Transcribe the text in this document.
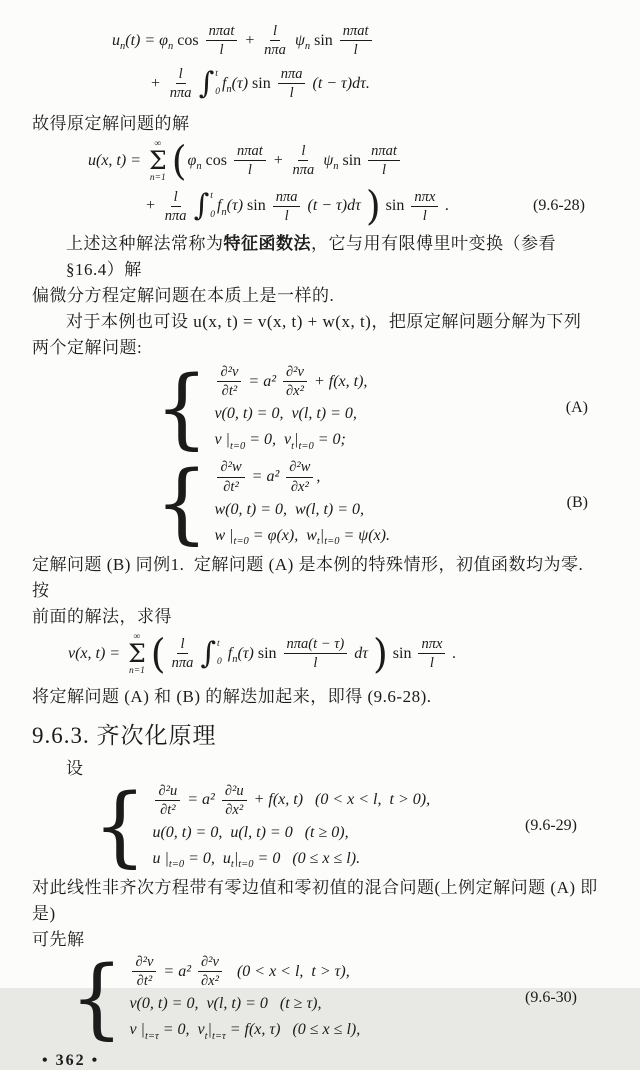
u n (t) = φ n $\cos \frac{\text{nπat}}{l} + \frac{l}{\text{nπa}}$ ψ n $\sin \frac{\text{nπat}}{l}$
+ $\frac{l}{\text{nπa}}$ ∫ t
0
f n (τ) $\sin \frac{\text{nπa}}{l} (t - \tau)d\tau$.
故得原定解问题的解
u(x, t) =
∞
Σ
n=1 ( φ n $\cos \frac{\text{nπat}}{l} + \frac{l}{\text{nπa}}$ ψ n $\sin \frac{\text{nπat}}{l}$
+ $\frac{l}{\text{nπa}}$ ∫ t
0
f n (τ) $\sin \frac{\text{nπa}}{l} (t - \tau)d\tau$ ) $\sin \frac{\text{nπx}}{l}$ .	(9.6-28)
上述这种解法常称为特征函数法，它与用有限傅里叶变换（参看 §16.4）解
偏微分方程定解问题在本质上是一样的.
对于本例也可设 u(x, t) = v(x, t) + w(x, t)，把原定解问题分解为下列
两个定解问题:
{ $\frac{\text{∂²v}}{\text{∂t²}} = a^2 \frac{\text{∂²v}}{\text{∂x²}} + f(x$, t),
v(0, t) = 0,  v(l, t) = 0,
v | t=0 = 0,  v t | t=0 = 0;
(A)
{ $\frac{\text{∂²w}}{\text{∂t²}} = a^2 \frac{\text{∂²w}}{\text{∂x²}}$ ,
w(0, t) = 0,  w(l, t) = 0,
w | t=0 = φ(x),  w t | t=0 = ψ(x).
(B)
定解问题 (B) 同例1.  定解问题 (A) 是本例的特殊情形，初值函数均为零.  按
前面的解法，求得
v(x, t) =
∞
Σ
n=1 ( $\frac{l}{\text{nπa}}$ ∫ t
0
f n (τ) $\sin \frac{\text{nπa(t − τ)}}{l}$ dτ ) $\sin \frac{\text{nπx}}{l}$ .
将定解问题 (A) 和 (B) 的解迭加起来，即得 (9.6-28).
9.6.3. 齐次化原理
设
{ $\frac{\text{∂²u}}{\text{∂t²}} = a^2 \frac{\text{∂²u}}{\text{∂x²}} + f(x$, t)   (0 < x < l,  t > 0),
u(0, t) = 0,  u(l, t) = 0   (t ≥ 0),
u | t=0 = 0,  u t | t=0 = 0   (0 ≤ x ≤ l).
(9.6-29)
对此线性非齐次方程带有零边值和零初值的混合问题(上例定解问题 (A) 即是)
可先解
{ $\frac{\text{∂²v}}{\text{∂t²}} = a^2 \frac{\text{∂²v}}{\text{∂x²}} (0 < x < l$,  t > τ),
v(0, t) = 0,  v(l, t) = 0   (t ≥ τ),
v | t=τ = 0,  v t | t=τ = f(x, τ)   (0 ≤ x ≤ l),
(9.6-30)
• 362 •
